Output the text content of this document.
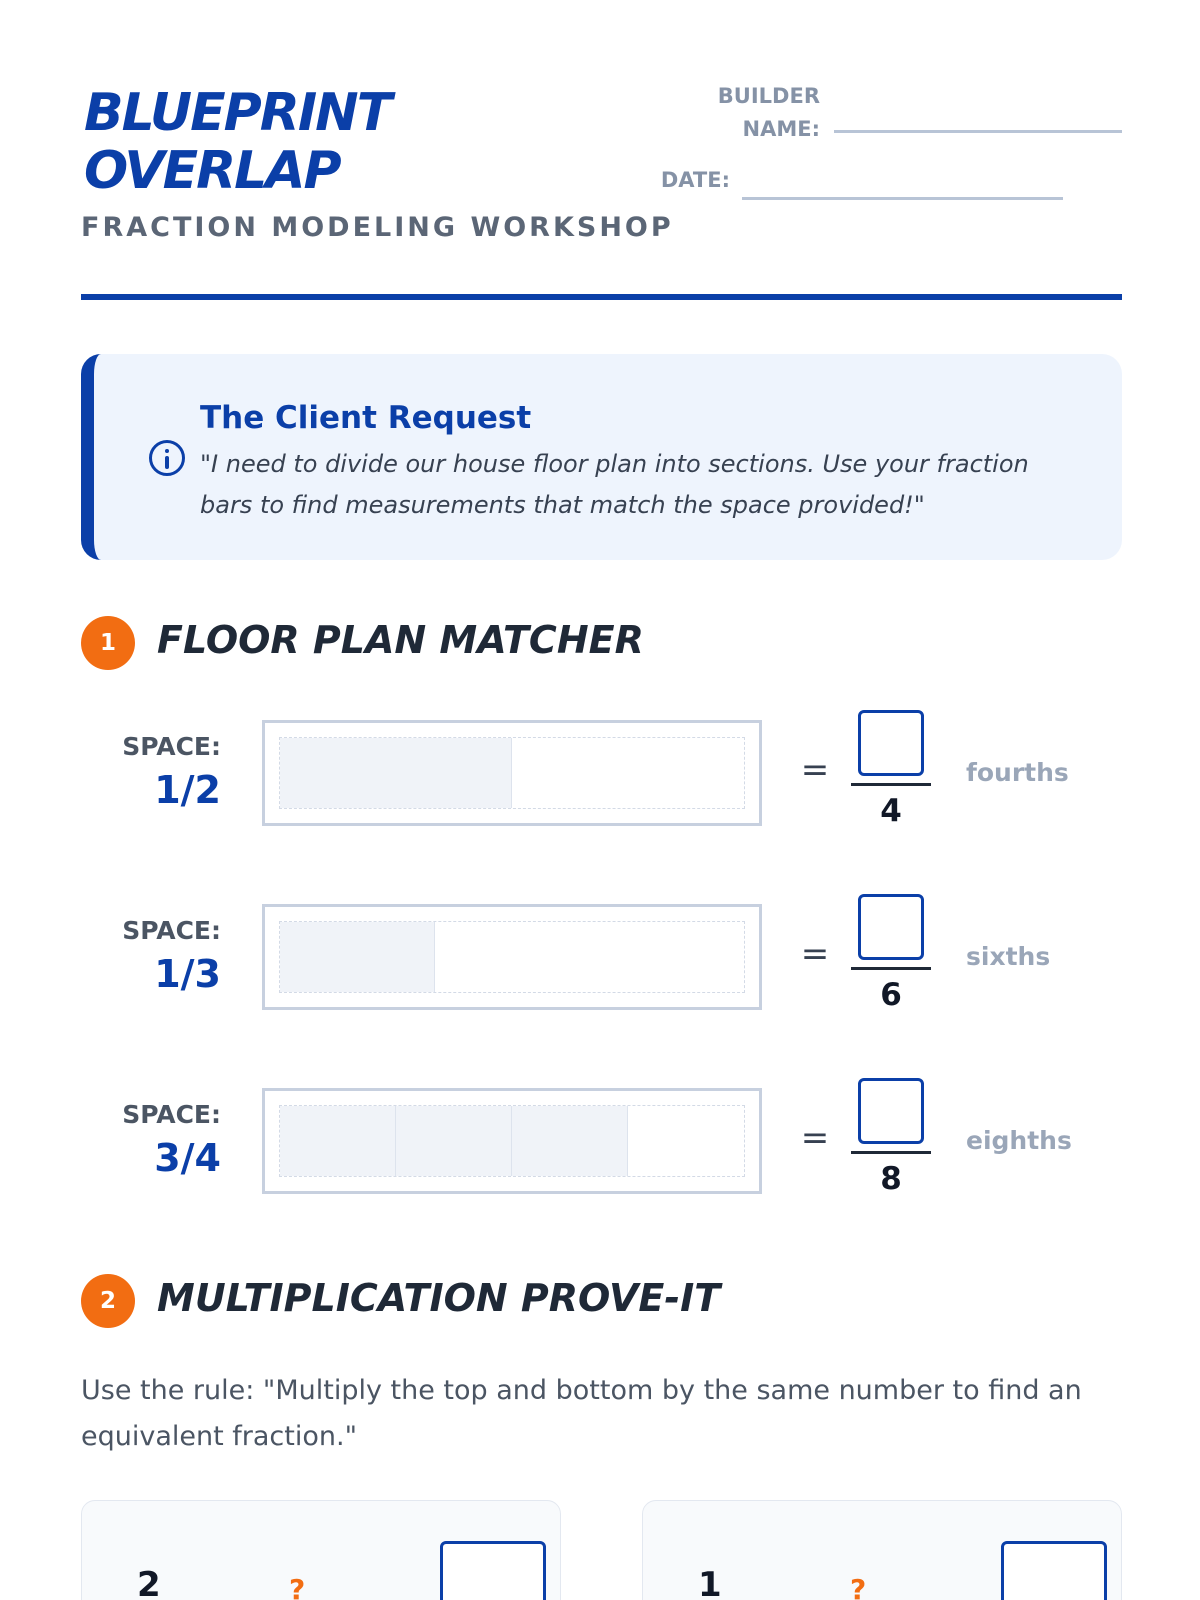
BLUEPRINT
OVERLAP
FRACTION MODELING WORKSHOP
BUILDER
NAME:
DATE:
The Client Request
"I need to divide our house floor plan into sections. Use your fraction bars to find measurements that match the space provided!"
1	FLOOR PLAN MATCHER
SPACE:
1/2	=
4
fourths
SPACE:
1/3	=
6
sixths
SPACE:
3/4	=
8
eighths
2	MULTIPLICATION PROVE-IT
Use the rule: "Multiply the top and bottom by the same number to find an equivalent fraction."
2	?	1	?
